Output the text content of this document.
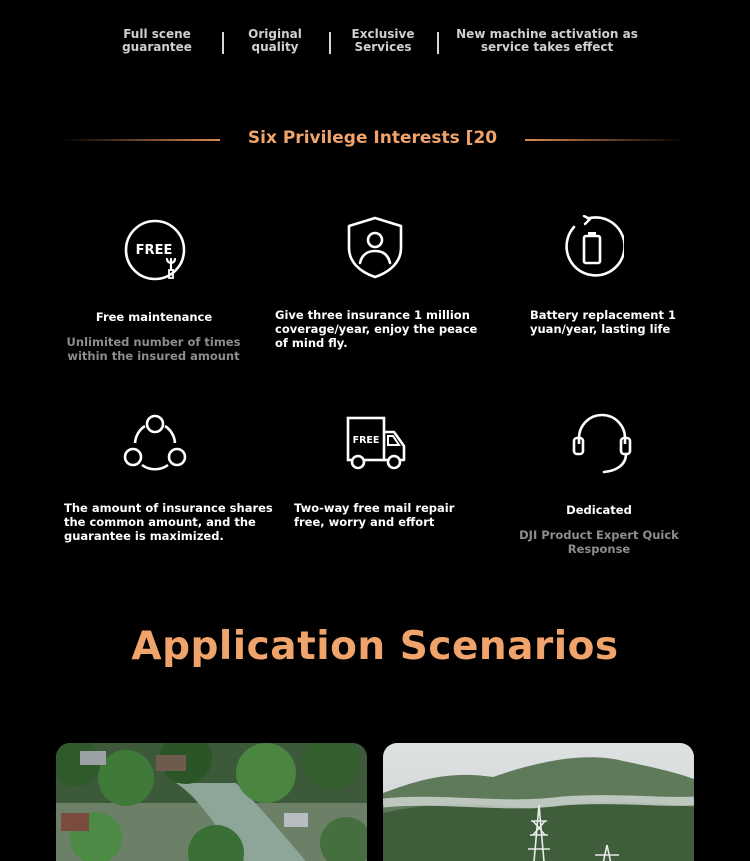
Full scene
guarantee
Original
quality
Exclusive
Services
New machine activation as
service takes effect
Six Privilege Interests [20
FREE
Free maintenance
Unlimited number of times within the insured amount
Give three insurance 1 million coverage/year, enjoy the peace of mind fly.
Battery replacement 1 yuan/year, lasting life
The amount of insurance shares the common amount, and the guarantee is maximized.
FREE
Two-way free mail repair free, worry and effort
Dedicated
DJI Product Expert Quick Response
Application Scenarios
